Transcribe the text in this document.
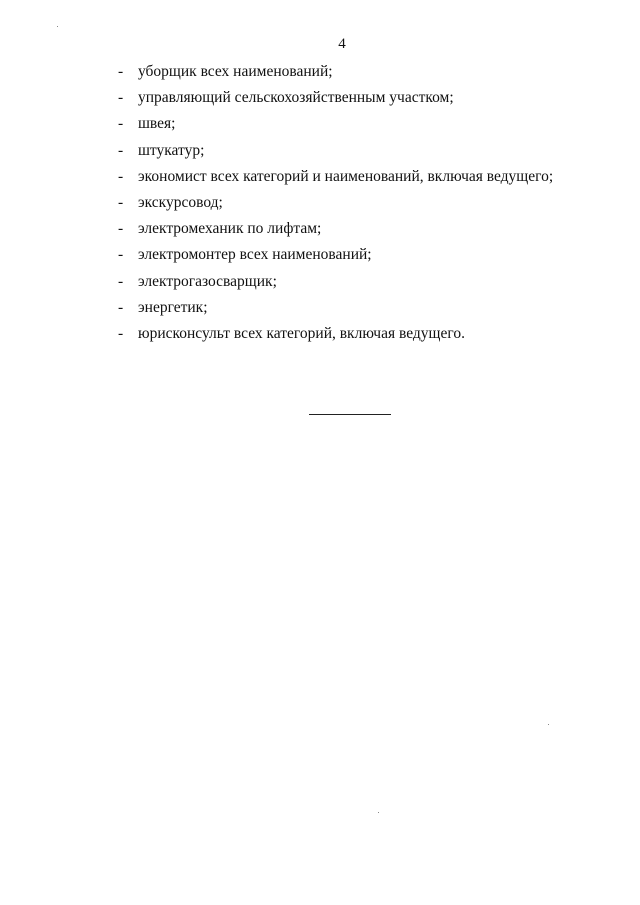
4
- уборщик всех наименований;
- управляющий сельскохозяйственным участком;
- швея;
- штукатур;
- экономист всех категорий и наименований, включая ведущего;
- экскурсовод;
- электромеханик по лифтам;
- электромонтер всех наименований;
- электрогазосварщик;
- энергетик;
- юрисконсульт всех категорий, включая ведущего.
